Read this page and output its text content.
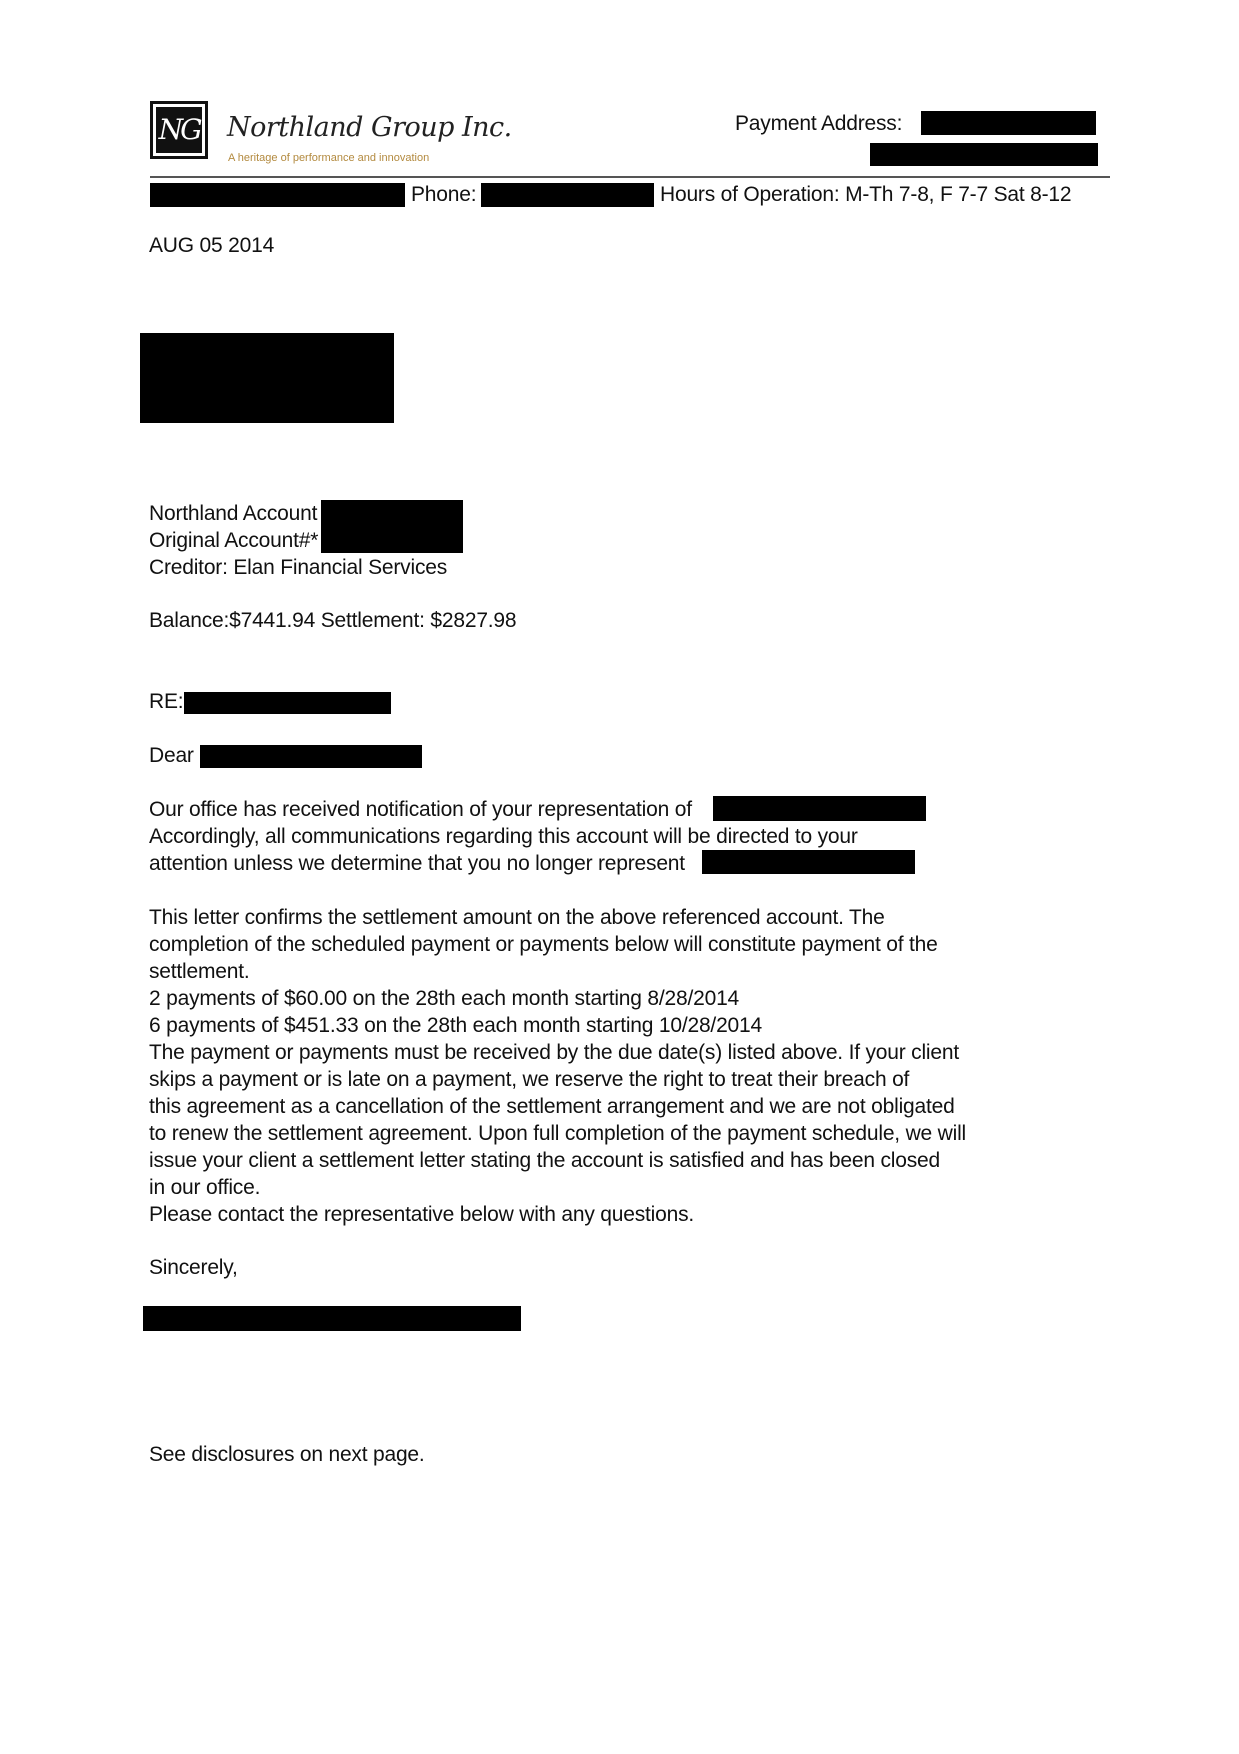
NG Northland Group Inc.
A heritage of performance and innovation
Payment Address:
Phone:	Hours of Operation: M-Th 7-8, F 7-7 Sat 8-12
AUG 05 2014
Northland Account
Original Account#*
Creditor: Elan Financial Services
Balance:$7441.94 Settlement: $2827.98
RE:
Dear
Our office has received notification of your representation of
Accordingly, all communications regarding this account will be directed to your
attention unless we determine that you no longer represent
This letter confirms the settlement amount on the above referenced account. The
completion of the scheduled payment or payments below will constitute payment of the
settlement.
2 payments of $60.00 on the 28th each month starting 8/28/2014
6 payments of $451.33 on the 28th each month starting 10/28/2014
The payment or payments must be received by the due date(s) listed above. If your client
skips a payment or is late on a payment, we reserve the right to treat their breach of
this agreement as a cancellation of the settlement arrangement and we are not obligated
to renew the settlement agreement. Upon full completion of the payment schedule, we will
issue your client a settlement letter stating the account is satisfied and has been closed
in our office.
Please contact the representative below with any questions.
Sincerely,
See disclosures on next page.
